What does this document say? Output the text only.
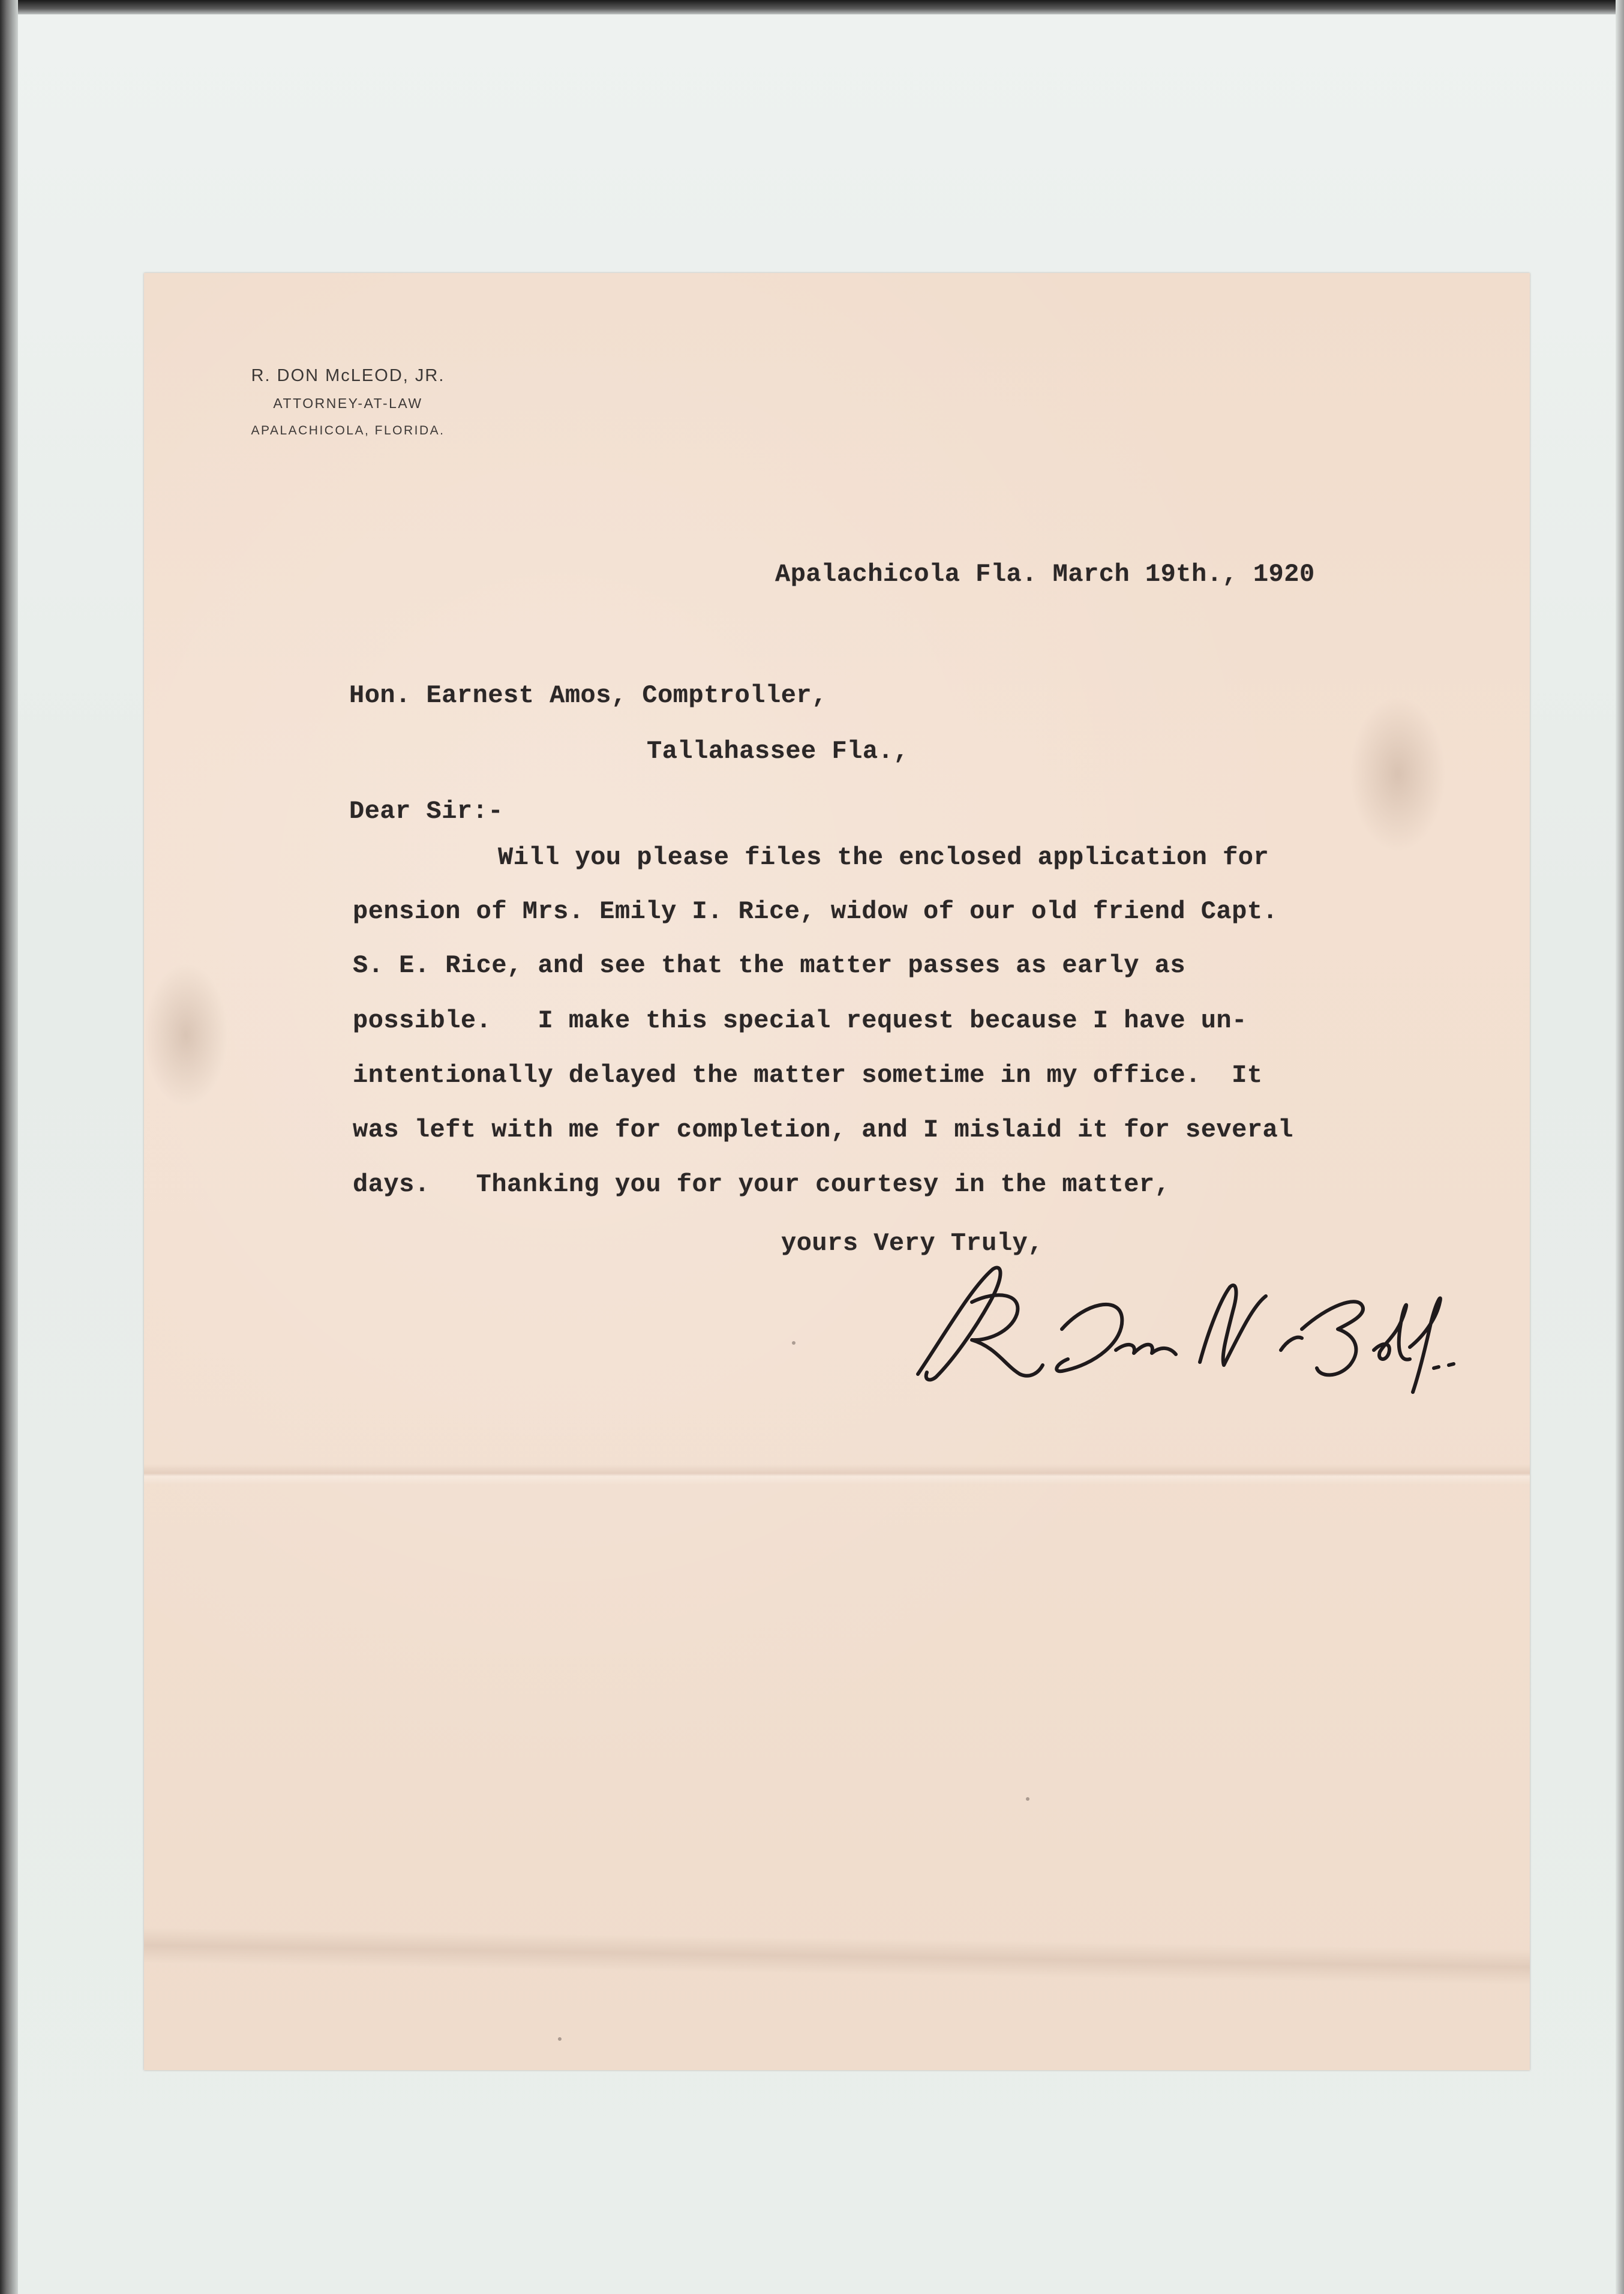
R. DON McLEOD, JR.
ATTORNEY-AT-LAW
APALACHICOLA, FLORIDA.
Apalachicola Fla. March 19th., 1920
Hon. Earnest Amos, Comptroller,
Tallahassee Fla.,
Dear Sir:-
Will you please files the enclosed application for
pension of Mrs. Emily I. Rice, widow of our old friend Capt.
S. E. Rice, and see that the matter passes as early as
possible.   I make this special request because I have un-
intentionally delayed the matter sometime in my office.  It
was left with me for completion, and I mislaid it for several
days.   Thanking you for your courtesy in the matter,
yours Very Truly,
